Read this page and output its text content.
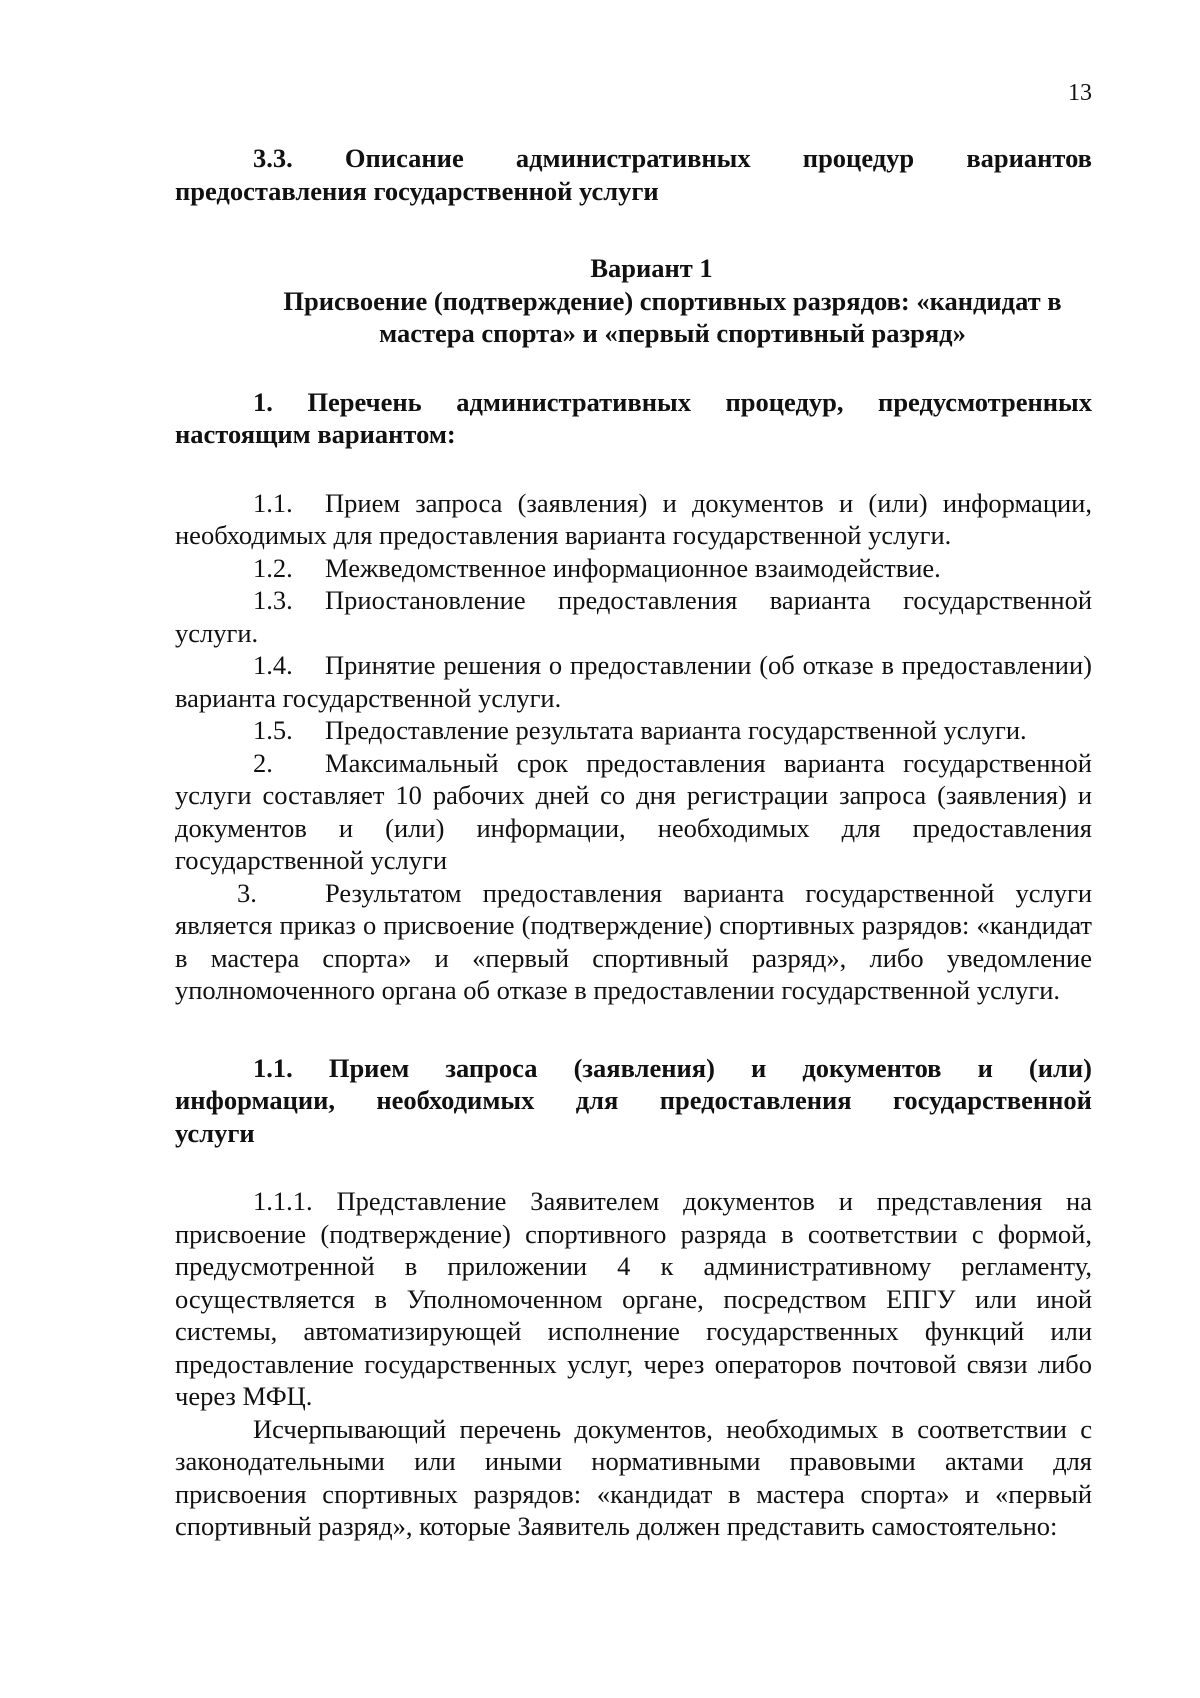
13
3.3. Описание административных процедур вариантов
предоставления государственной услуги
Вариант 1
Присвоение (подтверждение) спортивных разрядов: «кандидат в
мастера спорта» и «первый спортивный разряд»
1. Перечень административных процедур, предусмотренных
настоящим вариантом:

1.1. Прием запроса (заявления) и документов и (или) информации, необходимых для предоставления варианта государственной услуги.

1.2. Межведомственное информационное взаимодействие.

1.3. Приостановление предоставления варианта государственной услуги.

1.4. Принятие решения о предоставлении (об отказе в предоставлении) варианта государственной услуги.

1.5. Предоставление результата варианта государственной услуги.

2. Максимальный срок предоставления варианта государственной услуги составляет 10 рабочих дней со дня регистрации запроса (заявления) и документов и (или) информации, необходимых для предоставления государственной услуги

3.	Результатом предоставления варианта государственной услуги является приказ о присвоение (подтверждение) спортивных разрядов: «кандидат в мастера спорта» и «первый спортивный разряд», либо уведомление уполномоченного органа об отказе в предоставлении государственной услуги.

1.1. Прием запроса (заявления) и документов и (или)
информации, необходимых для предоставления государственной
услуги

1.1.1. Представление Заявителем документов и представления на присвоение (подтверждение) спортивного разряда в соответствии с формой, предусмотренной в приложении 4 к административному регламенту, осуществляется в Уполномоченном органе, посредством ЕПГУ или иной системы, автоматизирующей исполнение государственных функций или предоставление государственных услуг, через операторов почтовой связи либо через МФЦ.

Исчерпывающий перечень документов, необходимых в соответствии с законодательными или иными нормативными правовыми актами для присвоения спортивных разрядов: «кандидат в мастера спорта» и «первый спортивный разряд», которые Заявитель должен представить самостоятельно:
